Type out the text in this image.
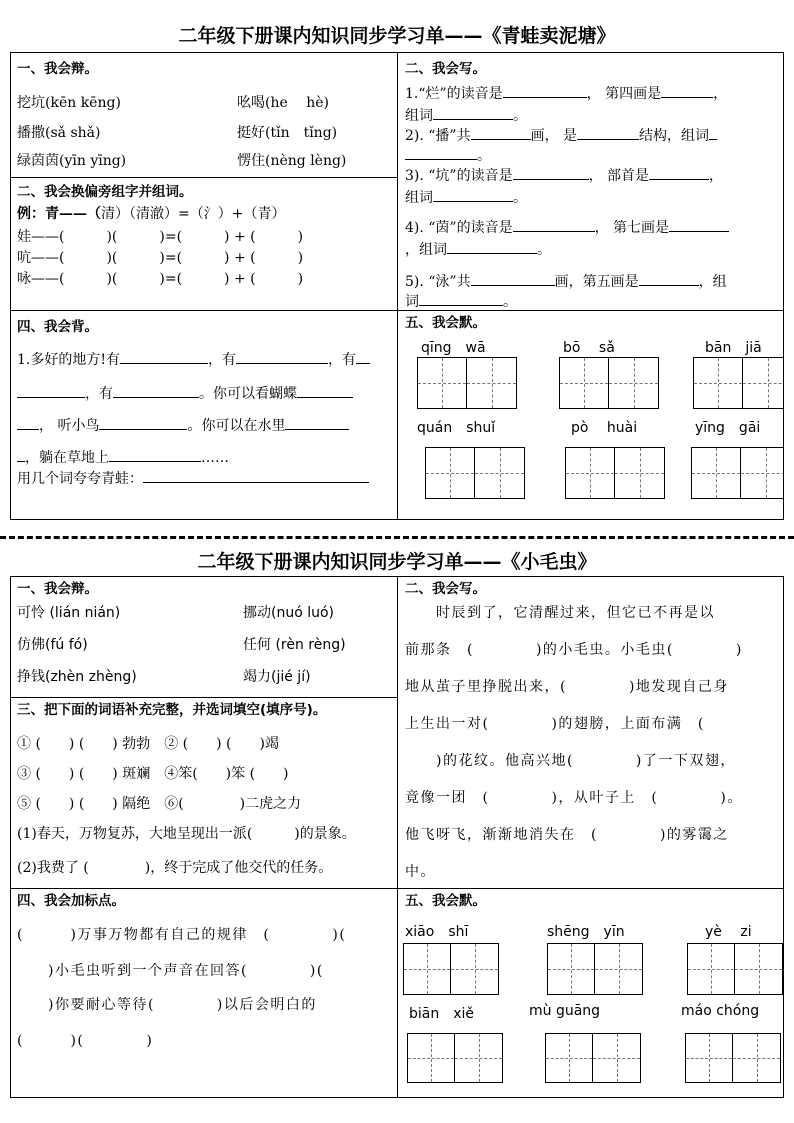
二年级下册课内知识同步学习单——《青蛙卖泥塘》
一、我会辩。
挖坑(kēn kēng)	吆喝(he　 hè)
播撒(sǎ shǎ)	挺好(tǐn　tǐng)
绿茵茵(yīn yīng)	愣住(nèng lèng)
二、我会换偏旁组字并组词。
例：青——（清）（清澈）=（氵）+（青）
娃——(　　　)(　　　)=(　　　) + (　　　)
吭——(　　　)(　　　)=(　　　) + (　　　)
咏——(　　　)(　　　)=(　　　) + (　　　)
二、我会写。
1.“烂”的读音是	， 第四画是	，
组词	。
2). “播”共	画， 是	结构，组词
。
3). “坑”的读音是	， 部首是	，
组词	。
4). “茵”的读音是	， 第七画是
，组词	。
5). “泳”共	画，第五画是	，组
词	。
四、我会背。
1.多好的地方!有	，有	，有
，有	。你可以看蝴蝶
， 听小鸟	。你可以在水里
，躺在草地上	……
用几个词夸夸青蛙：
五、我会默。
qīng　wā	bō　 sǎ	bān　jiā
quán　shuǐ	pò　 huài	yīng　gāi
二年级下册课内知识同步学习单——《小毛虫》
一、我会辩。
可怜 (lián nián)	挪动(nuó luó)
仿佛(fú fó)	任何 (rèn rèng)
挣钱(zhèn zhèng)	竭力(jié jí)
三、把下面的词语补充完整，并选词填空(填序号)。
① (　　) (　　) 勃勃　② (　　) (　　)竭
③ (　　) (　　) 斑斓　④笨(　　)笨 (　　)
⑤ (　　) (　　) 隔绝　⑥(　　　　)二虎之力
(1)春天，万物复苏，大地呈现出一派(　　　)的景象。
(2)我费了 (　　　　)，终于完成了他交代的任务。
二、我会写。
　　时辰到了，它清醒过来，但它已不再是以
前那条　(　　　　)的小毛虫。小毛虫(　　　　)
地从茧子里挣脱出来，(　　　　)地发现自己身
上生出一对(　　　　)的翅膀，上面布满　(
　　)的花纹。他高兴地(　　　　)了一下双翅，
竟像一团　(　　　　)，从叶子上　(　　　　)。
他飞呀飞，渐渐地消失在　(　　　　)的雾霭之
中。
四、我会加标点。
(　　　)万事万物都有自己的规律　(　　　　)(
　　)小毛虫听到一个声音在回答(　　　　)(
　　)你要耐心等待(　　　　)以后会明白的
(　　　)(　　　　)
五、我会默。
xiāo　shī	shēng　yīn	yè　 zi
biān　xiě	mù guāng	máo chóng
